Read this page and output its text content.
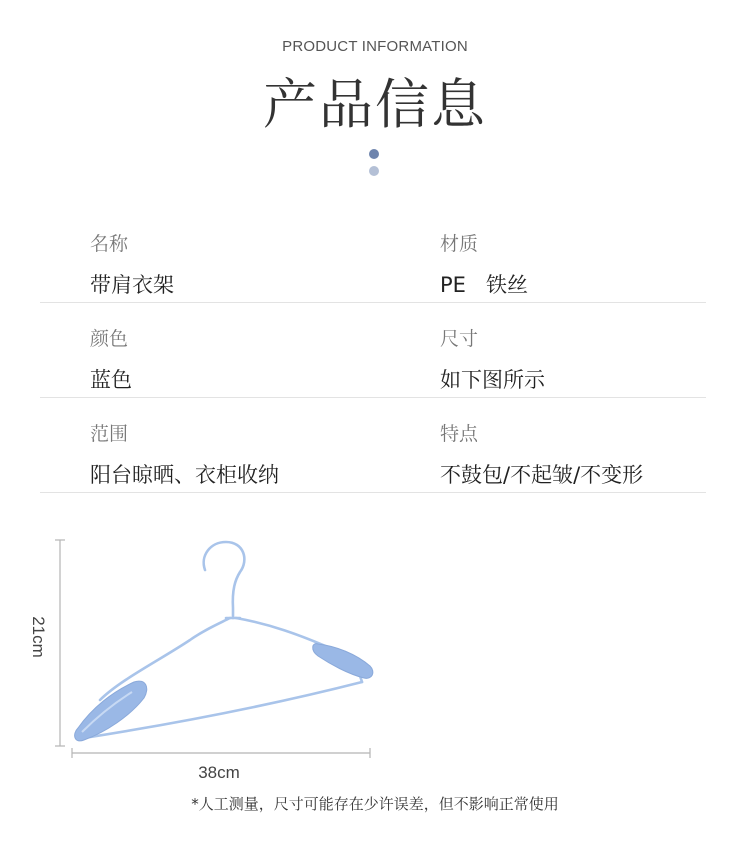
PRODUCT INFORMATION
产品信息
名称
带肩衣架
材质
PE   铁丝
颜色
蓝色
尺寸
如下图所示
范围
阳台晾晒、衣柜收纳
特点
不鼓包/不起皱/不变形
21cm
38cm
*人工测量，尺寸可能存在少许误差，但不影响正常使用
